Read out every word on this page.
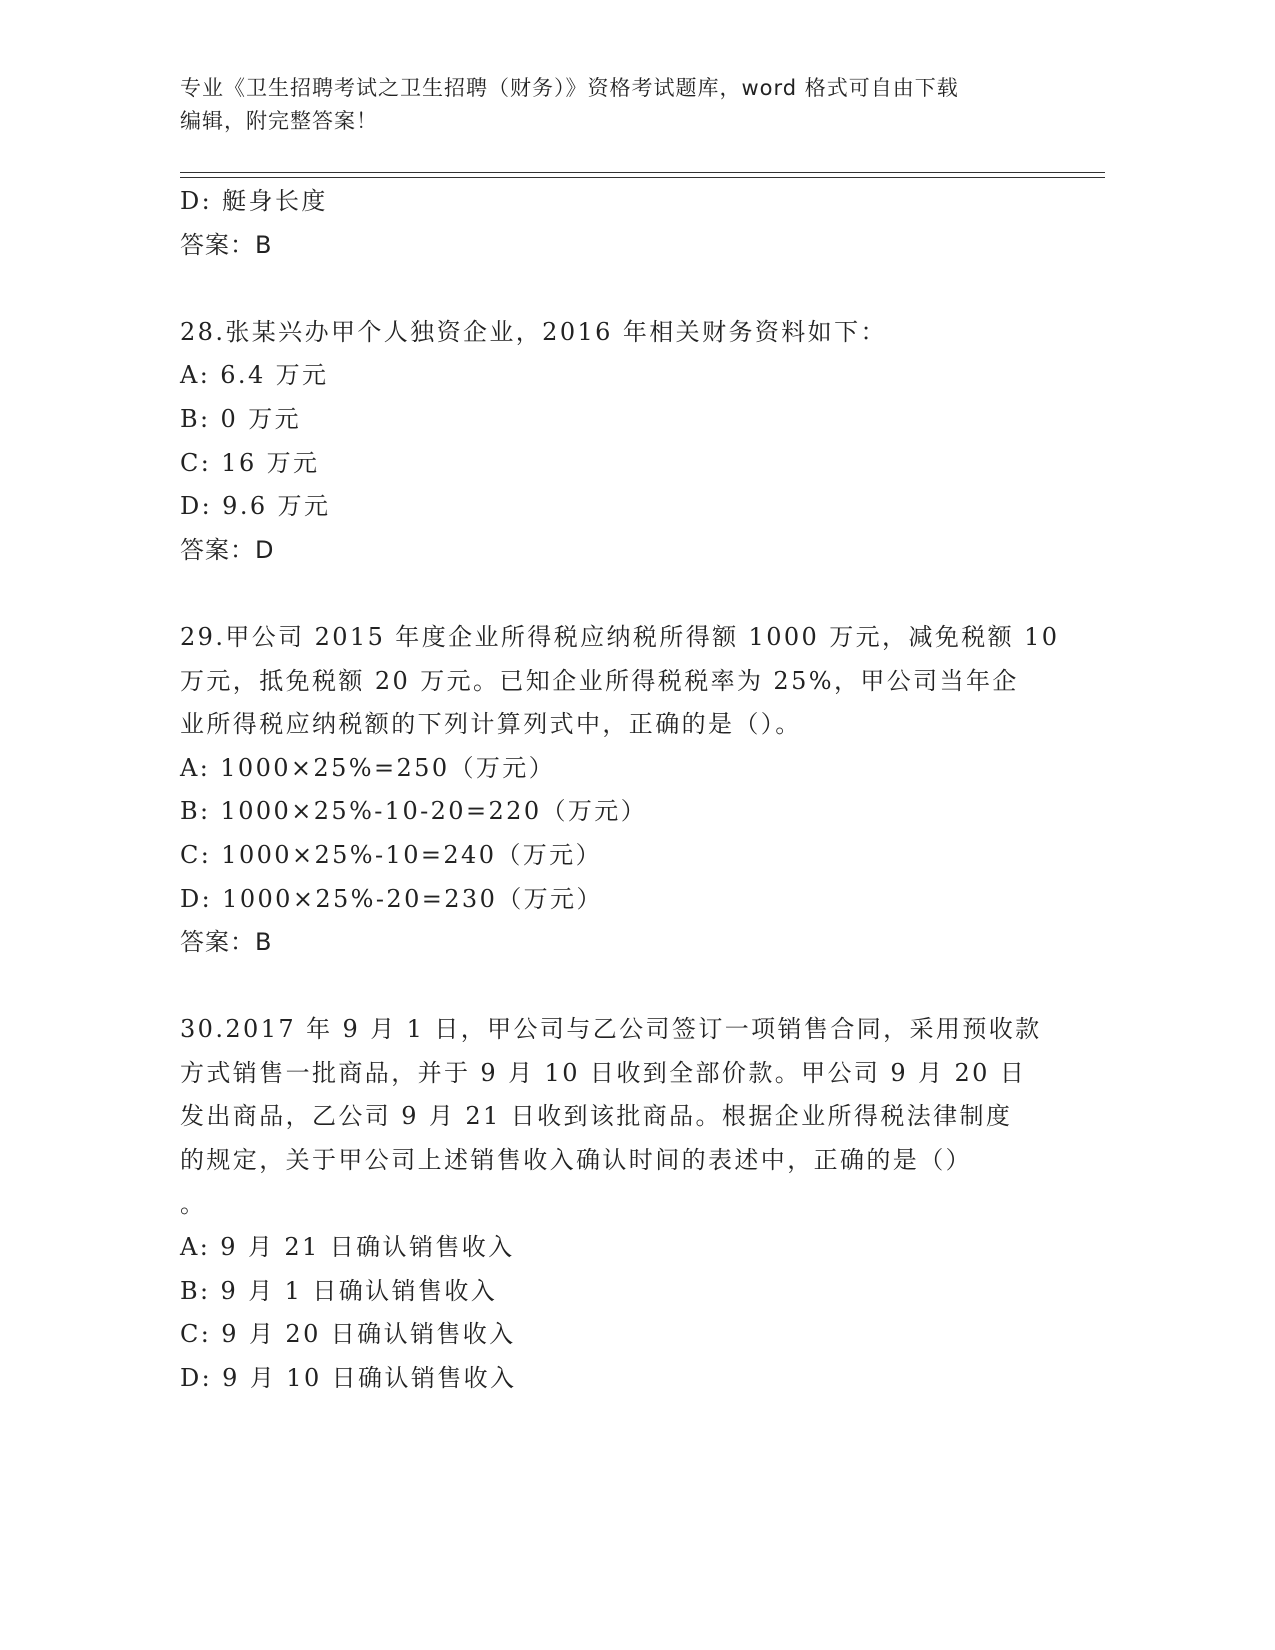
专业《卫生招聘考试之卫生招聘（财务）》资格考试题库，word 格式可自由下载
编辑，附完整答案！
D: 艇身长度
答案：B
28.张某兴办甲个人独资企业，2016 年相关财务资料如下：
A: 6.4 万元
B: 0 万元
C: 16 万元
D: 9.6 万元
答案：D
29.甲公司 2015 年度企业所得税应纳税所得额 1000 万元，减免税额 10
万元，抵免税额 20 万元。已知企业所得税税率为 25%，甲公司当年企
业所得税应纳税额的下列计算列式中，正确的是（）。
A: 1000×25%=250（万元）
B: 1000×25%-10-20=220（万元）
C: 1000×25%-10=240（万元）
D: 1000×25%-20=230（万元）
答案：B
30.2017 年 9 月 1 日，甲公司与乙公司签订一项销售合同，采用预收款
方式销售一批商品，并于 9 月 10 日收到全部价款。甲公司 9 月 20 日
发出商品，乙公司 9 月 21 日收到该批商品。根据企业所得税法律制度
的规定，关于甲公司上述销售收入确认时间的表述中，正确的是（）
。
A: 9 月 21 日确认销售收入
B: 9 月 1 日确认销售收入
C: 9 月 20 日确认销售收入
D: 9 月 10 日确认销售收入
